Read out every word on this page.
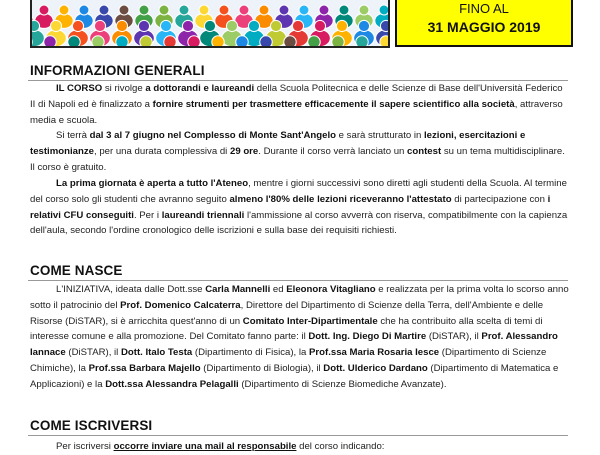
FINO AL
31 MAGGIO 2019
INFORMAZIONI GENERALI

IL CORSO si rivolge a dottorandi e laureandi della Scuola Politecnica e delle Scienze di Base dell'Università Federico II di Napoli ed è finalizzato a fornire strumenti per trasmettere efficacemente il sapere scientifico alla società, attraverso media e scuola.

Si terrà dal 3 al 7 giugno nel Complesso di Monte Sant'Angelo e sarà strutturato in lezioni, esercitazioni e testimonianze, per una durata complessiva di 29 ore. Durante il corso verrà lanciato un contest su un tema multidisciplinare. Il corso è gratuito.

La prima giornata è aperta a tutto l'Ateneo, mentre i giorni successivi sono diretti agli studenti della Scuola. Al termine del corso solo gli studenti che avranno seguito almeno l'80% delle lezioni riceveranno l'attestato di partecipazione con i relativi CFU conseguiti. Per i laureandi triennali l'ammissione al corso avverrà con riserva, compatibilmente con la capienza dell'aula, secondo l'ordine cronologico delle iscrizioni e sulla base dei requisiti richiesti.

COME NASCE

L'INIZIATIVA, ideata dalle Dott.sse Carla Mannelli ed Eleonora Vitagliano e realizzata per la prima volta lo scorso anno sotto il patrocinio del Prof. Domenico Calcaterra, Direttore del Dipartimento di Scienze della Terra, dell'Ambiente e delle Risorse (DiSTAR), si è arricchita quest'anno di un Comitato Inter-Dipartimentale che ha contribuito alla scelta di temi di interesse comune e alla promozione. Del Comitato fanno parte: il Dott. Ing. Diego Di Martire (DiSTAR), il Prof. Alessandro Iannace (DiSTAR), il Dott. Italo Testa (Dipartimento di Fisica), la Prof.ssa Maria Rosaria Iesce (Dipartimento di Scienze Chimiche), la Prof.ssa Barbara Majello (Dipartimento di Biologia), il Dott. Ulderico Dardano (Dipartimento di Matematica e Applicazioni) e la Dott.ssa Alessandra Pelagalli (Dipartimento di Scienze Biomediche Avanzate).

COME ISCRIVERSI

Per iscriversi occorre inviare una mail al responsabile del corso indicando:
